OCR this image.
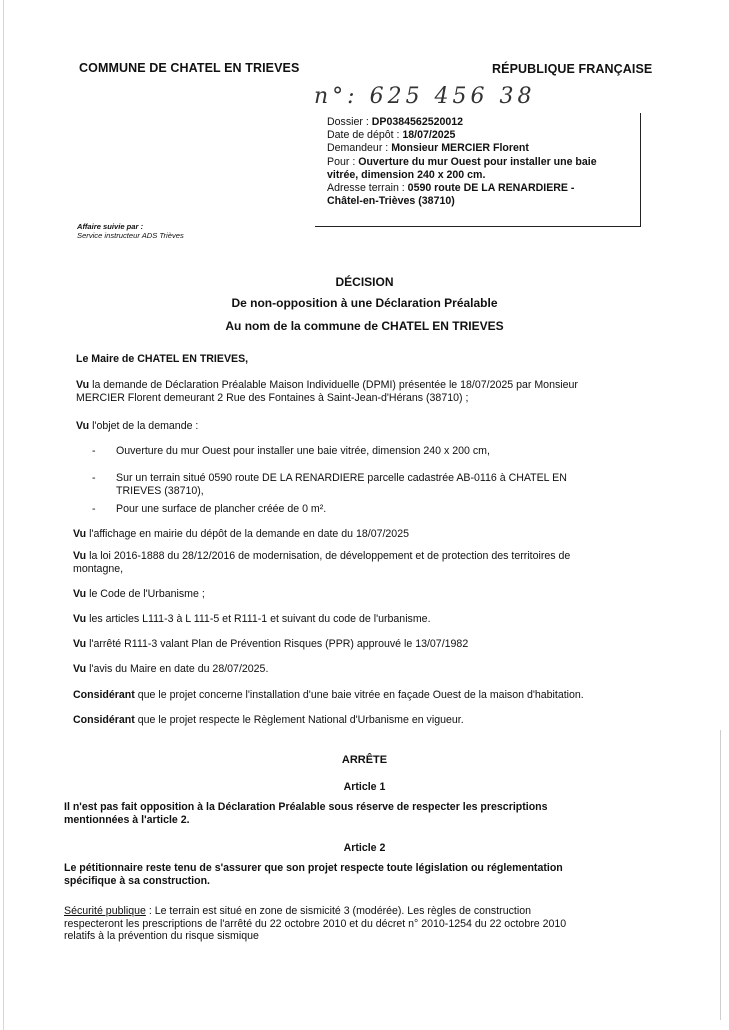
COMMUNE DE CHATEL EN TRIEVES	RÉPUBLIQUE FRANÇAISE
n°: 625 456 38
Dossier : DP0384562520012
Date de dépôt : 18/07/2025
Demandeur : Monsieur MERCIER Florent
Pour : Ouverture du mur Ouest pour installer une baie
vitrée, dimension 240 x 200 cm.
Adresse terrain : 0590 route DE LA RENARDIERE -
Châtel-en-Trièves (38710)
Affaire suivie par :
Service instructeur ADS Trièves
DÉCISION
De non-opposition à une Déclaration Préalable
Au nom de la commune de CHATEL EN TRIEVES
Le Maire de CHATEL EN TRIEVES,
Vu la demande de Déclaration Préalable Maison Individuelle (DPMI) présentée le 18/07/2025 par Monsieur
MERCIER Florent demeurant 2 Rue des Fontaines à Saint-Jean-d'Hérans (38710) ;
Vu l'objet de la demande :
- Ouverture du mur Ouest pour installer une baie vitrée, dimension 240 x 200 cm,
- Sur un terrain situé 0590 route DE LA RENARDIERE parcelle cadastrée AB-0116 à CHATEL EN
TRIEVES (38710),
- Pour une surface de plancher créée de 0 m².
Vu l'affichage en mairie du dépôt de la demande en date du 18/07/2025
Vu la loi 2016-1888 du 28/12/2016 de modernisation, de développement et de protection des territoires de
montagne,
Vu le Code de l'Urbanisme ;
Vu les articles L111-3 à L 111-5 et R111-1 et suivant du code de l'urbanisme.
Vu l'arrêté R111-3 valant Plan de Prévention Risques (PPR) approuvé le 13/07/1982
Vu l'avis du Maire en date du 28/07/2025.
Considérant que le projet concerne l'installation d'une baie vitrée en façade Ouest de la maison d'habitation.
Considérant que le projet respecte le Règlement National d'Urbanisme en vigueur.
ARRÊTE
Article 1
Il n'est pas fait opposition à la Déclaration Préalable sous réserve de respecter les prescriptions
mentionnées à l'article 2.
Article 2
Le pétitionnaire reste tenu de s'assurer que son projet respecte toute législation ou réglementation
spécifique à sa construction.
Sécurité publique : Le terrain est situé en zone de sismicité 3 (modérée). Les règles de construction
respecteront les prescriptions de l'arrêté du 22 octobre 2010 et du décret n° 2010-1254 du 22 octobre 2010
relatifs à la prévention du risque sismique
